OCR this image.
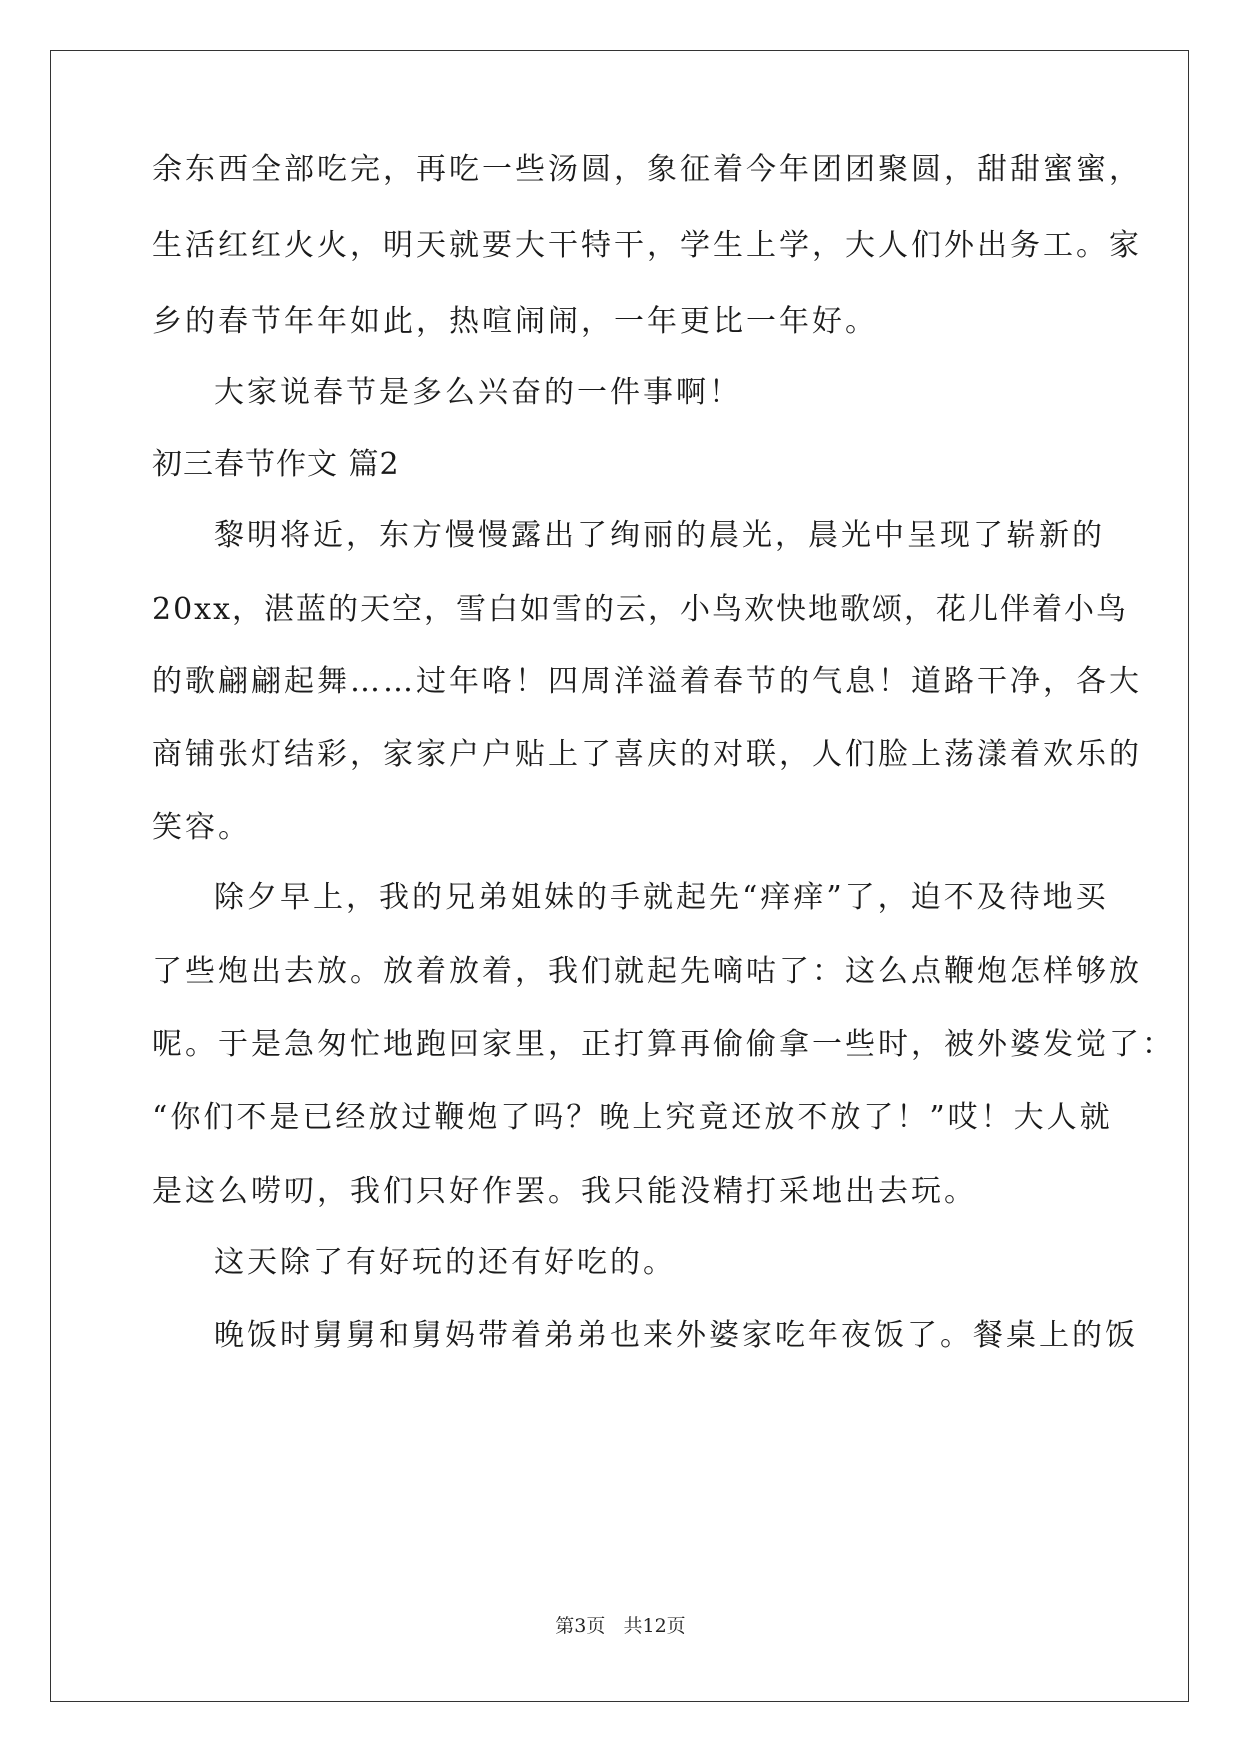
余东西全部吃完，再吃一些汤圆，象征着今年团团聚圆，甜甜蜜蜜，
生活红红火火，明天就要大干特干，学生上学，大人们外出务工。家
乡的春节年年如此，热喧闹闹，一年更比一年好。
大家说春节是多么兴奋的一件事啊！
初三春节作文 篇2
黎明将近，东方慢慢露出了绚丽的晨光，晨光中呈现了崭新的
20xx，湛蓝的天空，雪白如雪的云，小鸟欢快地歌颂，花儿伴着小鸟
的歌翩翩起舞……过年咯！四周洋溢着春节的气息！道路干净，各大
商铺张灯结彩，家家户户贴上了喜庆的对联，人们脸上荡漾着欢乐的
笑容。
除夕早上，我的兄弟姐妹的手就起先“痒痒”了，迫不及待地买
了些炮出去放。放着放着，我们就起先嘀咕了：这么点鞭炮怎样够放
呢。于是急匆忙地跑回家里，正打算再偷偷拿一些时，被外婆发觉了：
“你们不是已经放过鞭炮了吗？晚上究竟还放不放了！”哎！大人就
是这么唠叨，我们只好作罢。我只能没精打采地出去玩。
这天除了有好玩的还有好吃的。
晚饭时舅舅和舅妈带着弟弟也来外婆家吃年夜饭了。餐桌上的饭
第3页   共12页
